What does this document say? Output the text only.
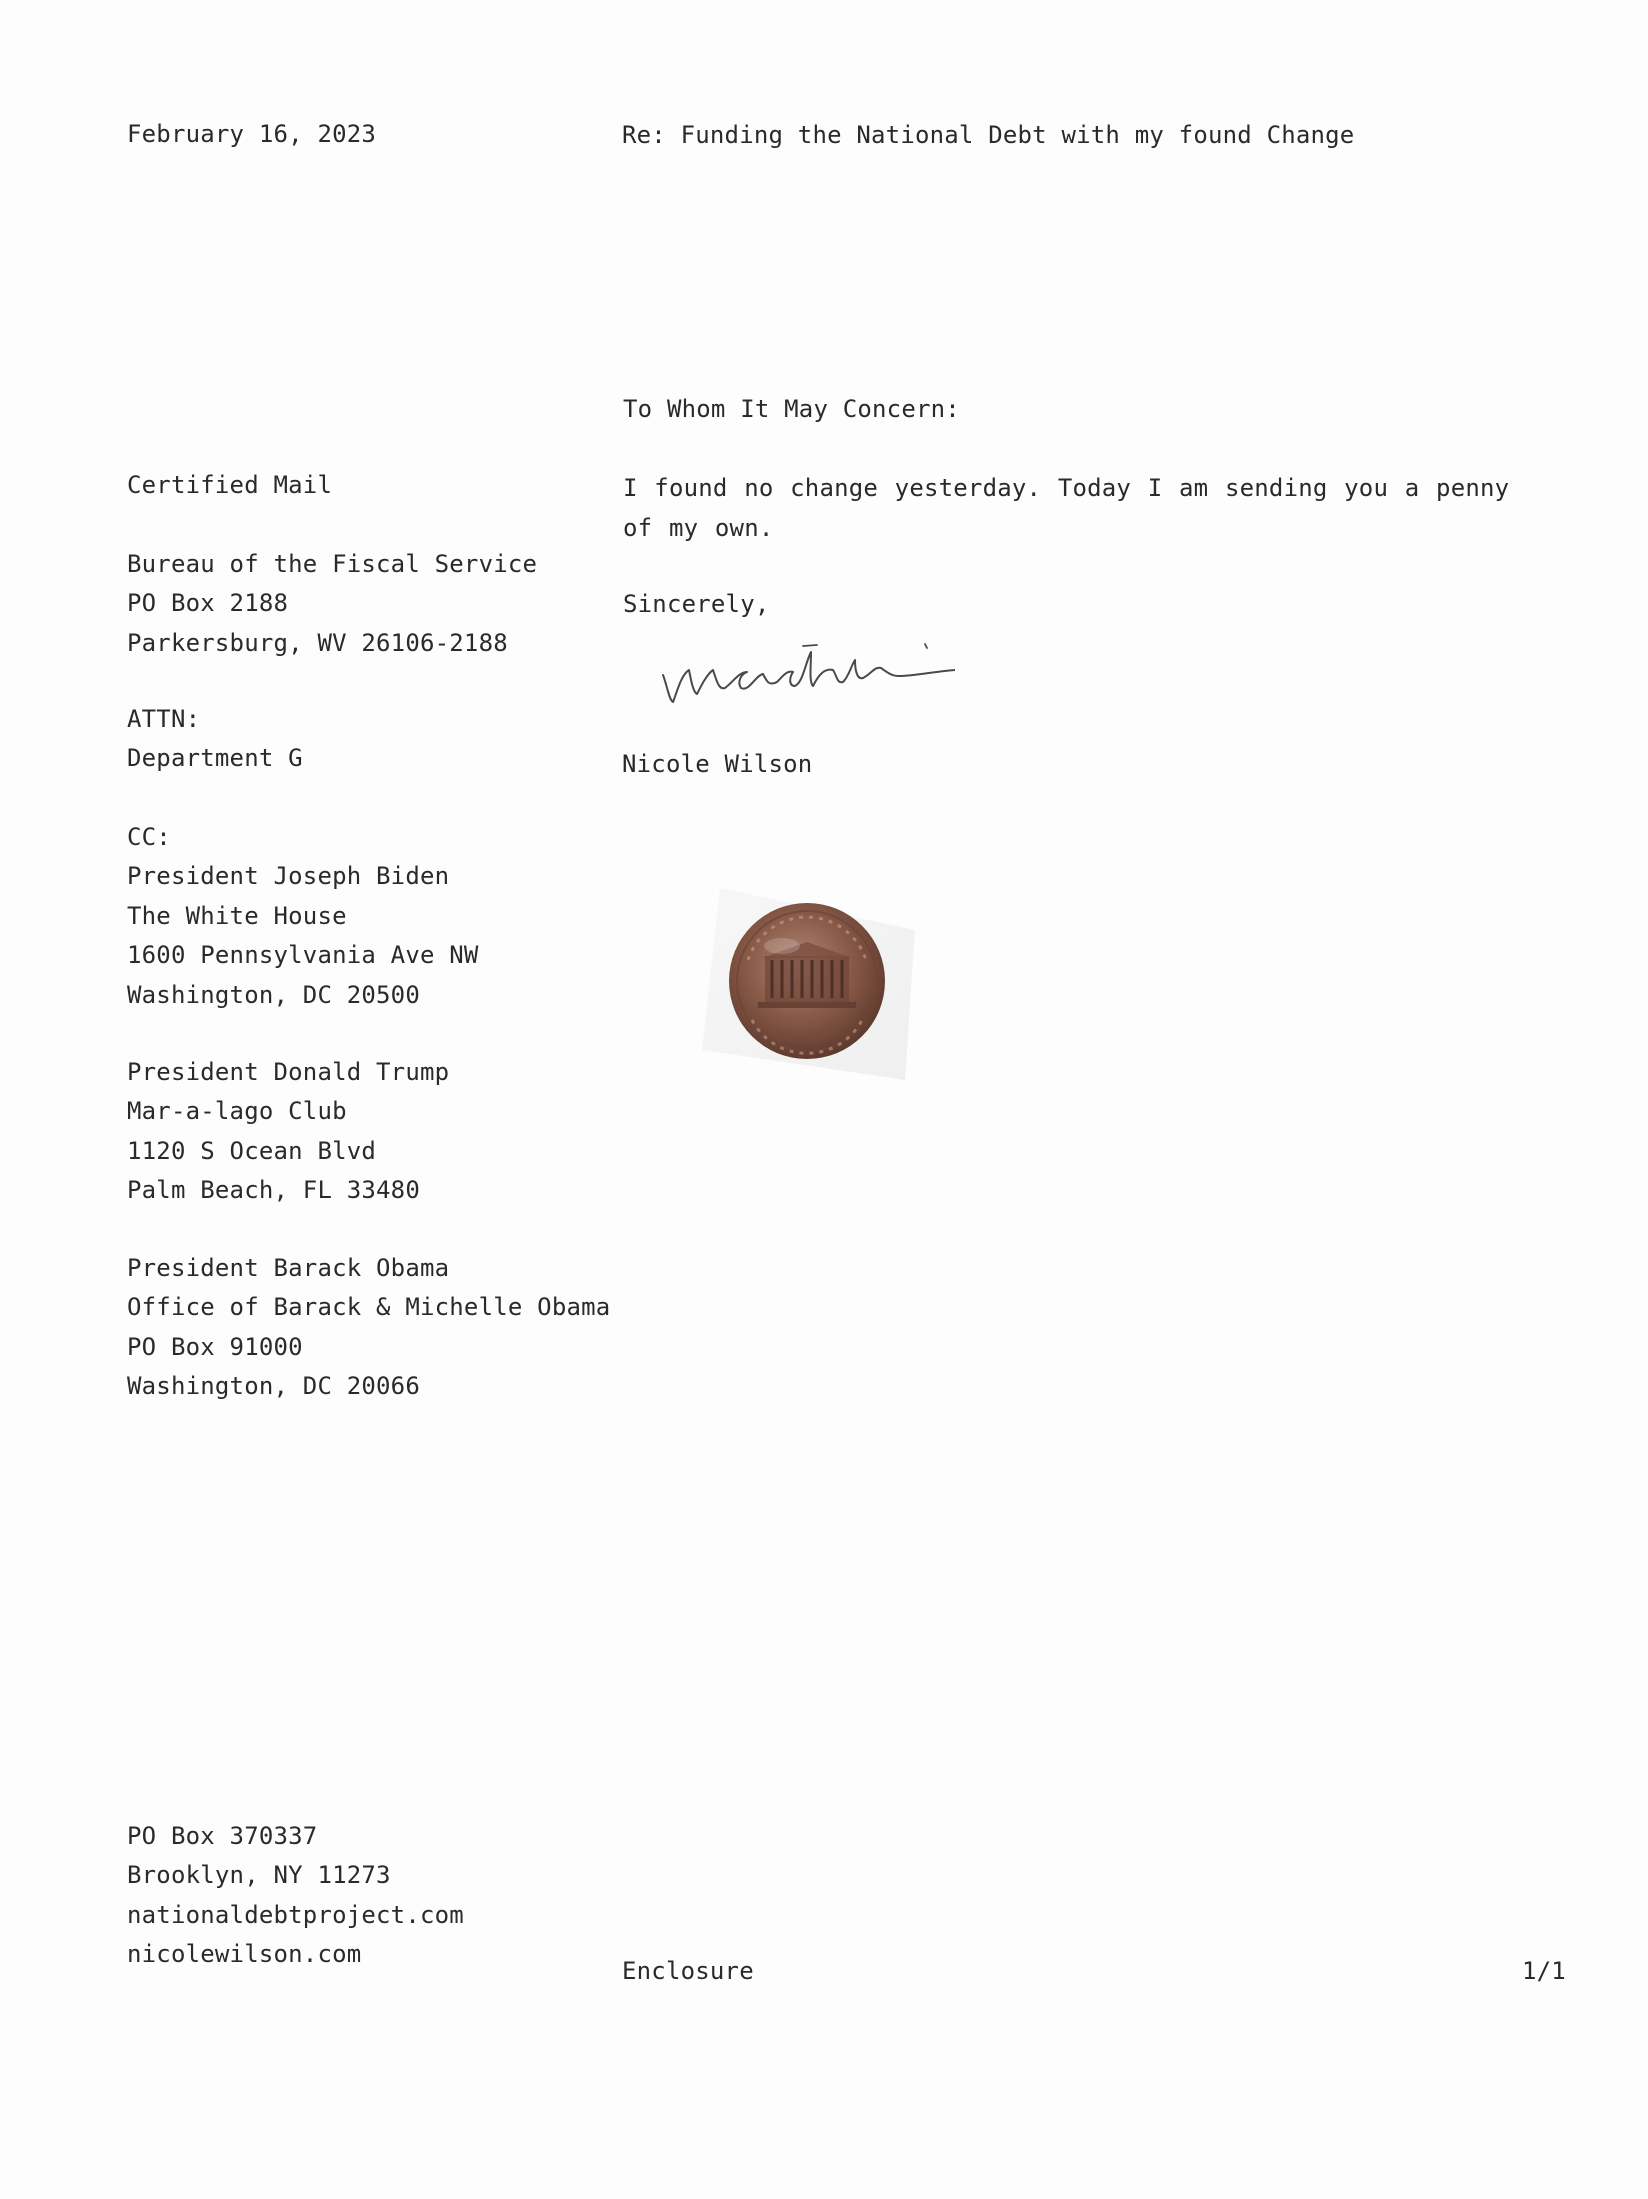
February 16, 2023	Re: Funding the National Debt with my found Change
To Whom It May Concern:
Certified Mail
Bureau of the Fiscal Service
PO Box 2188
Parkersburg, WV 26106-2188
ATTN:
Department G
CC:
President Joseph Biden
The White House
1600 Pennsylvania Ave NW
Washington, DC 20500
President Donald Trump
Mar-a-lago Club
1120 S Ocean Blvd
Palm Beach, FL 33480
President Barack Obama
Office of Barack & Michelle Obama
PO Box 91000
Washington, DC 20066
I found no change yesterday. Today I am sending you a penny of my own.
Sincerely,
Nicole Wilson
PO Box 370337
Brooklyn, NY 11273
nationaldebtproject.com
nicolewilson.com
Enclosure	1/1
